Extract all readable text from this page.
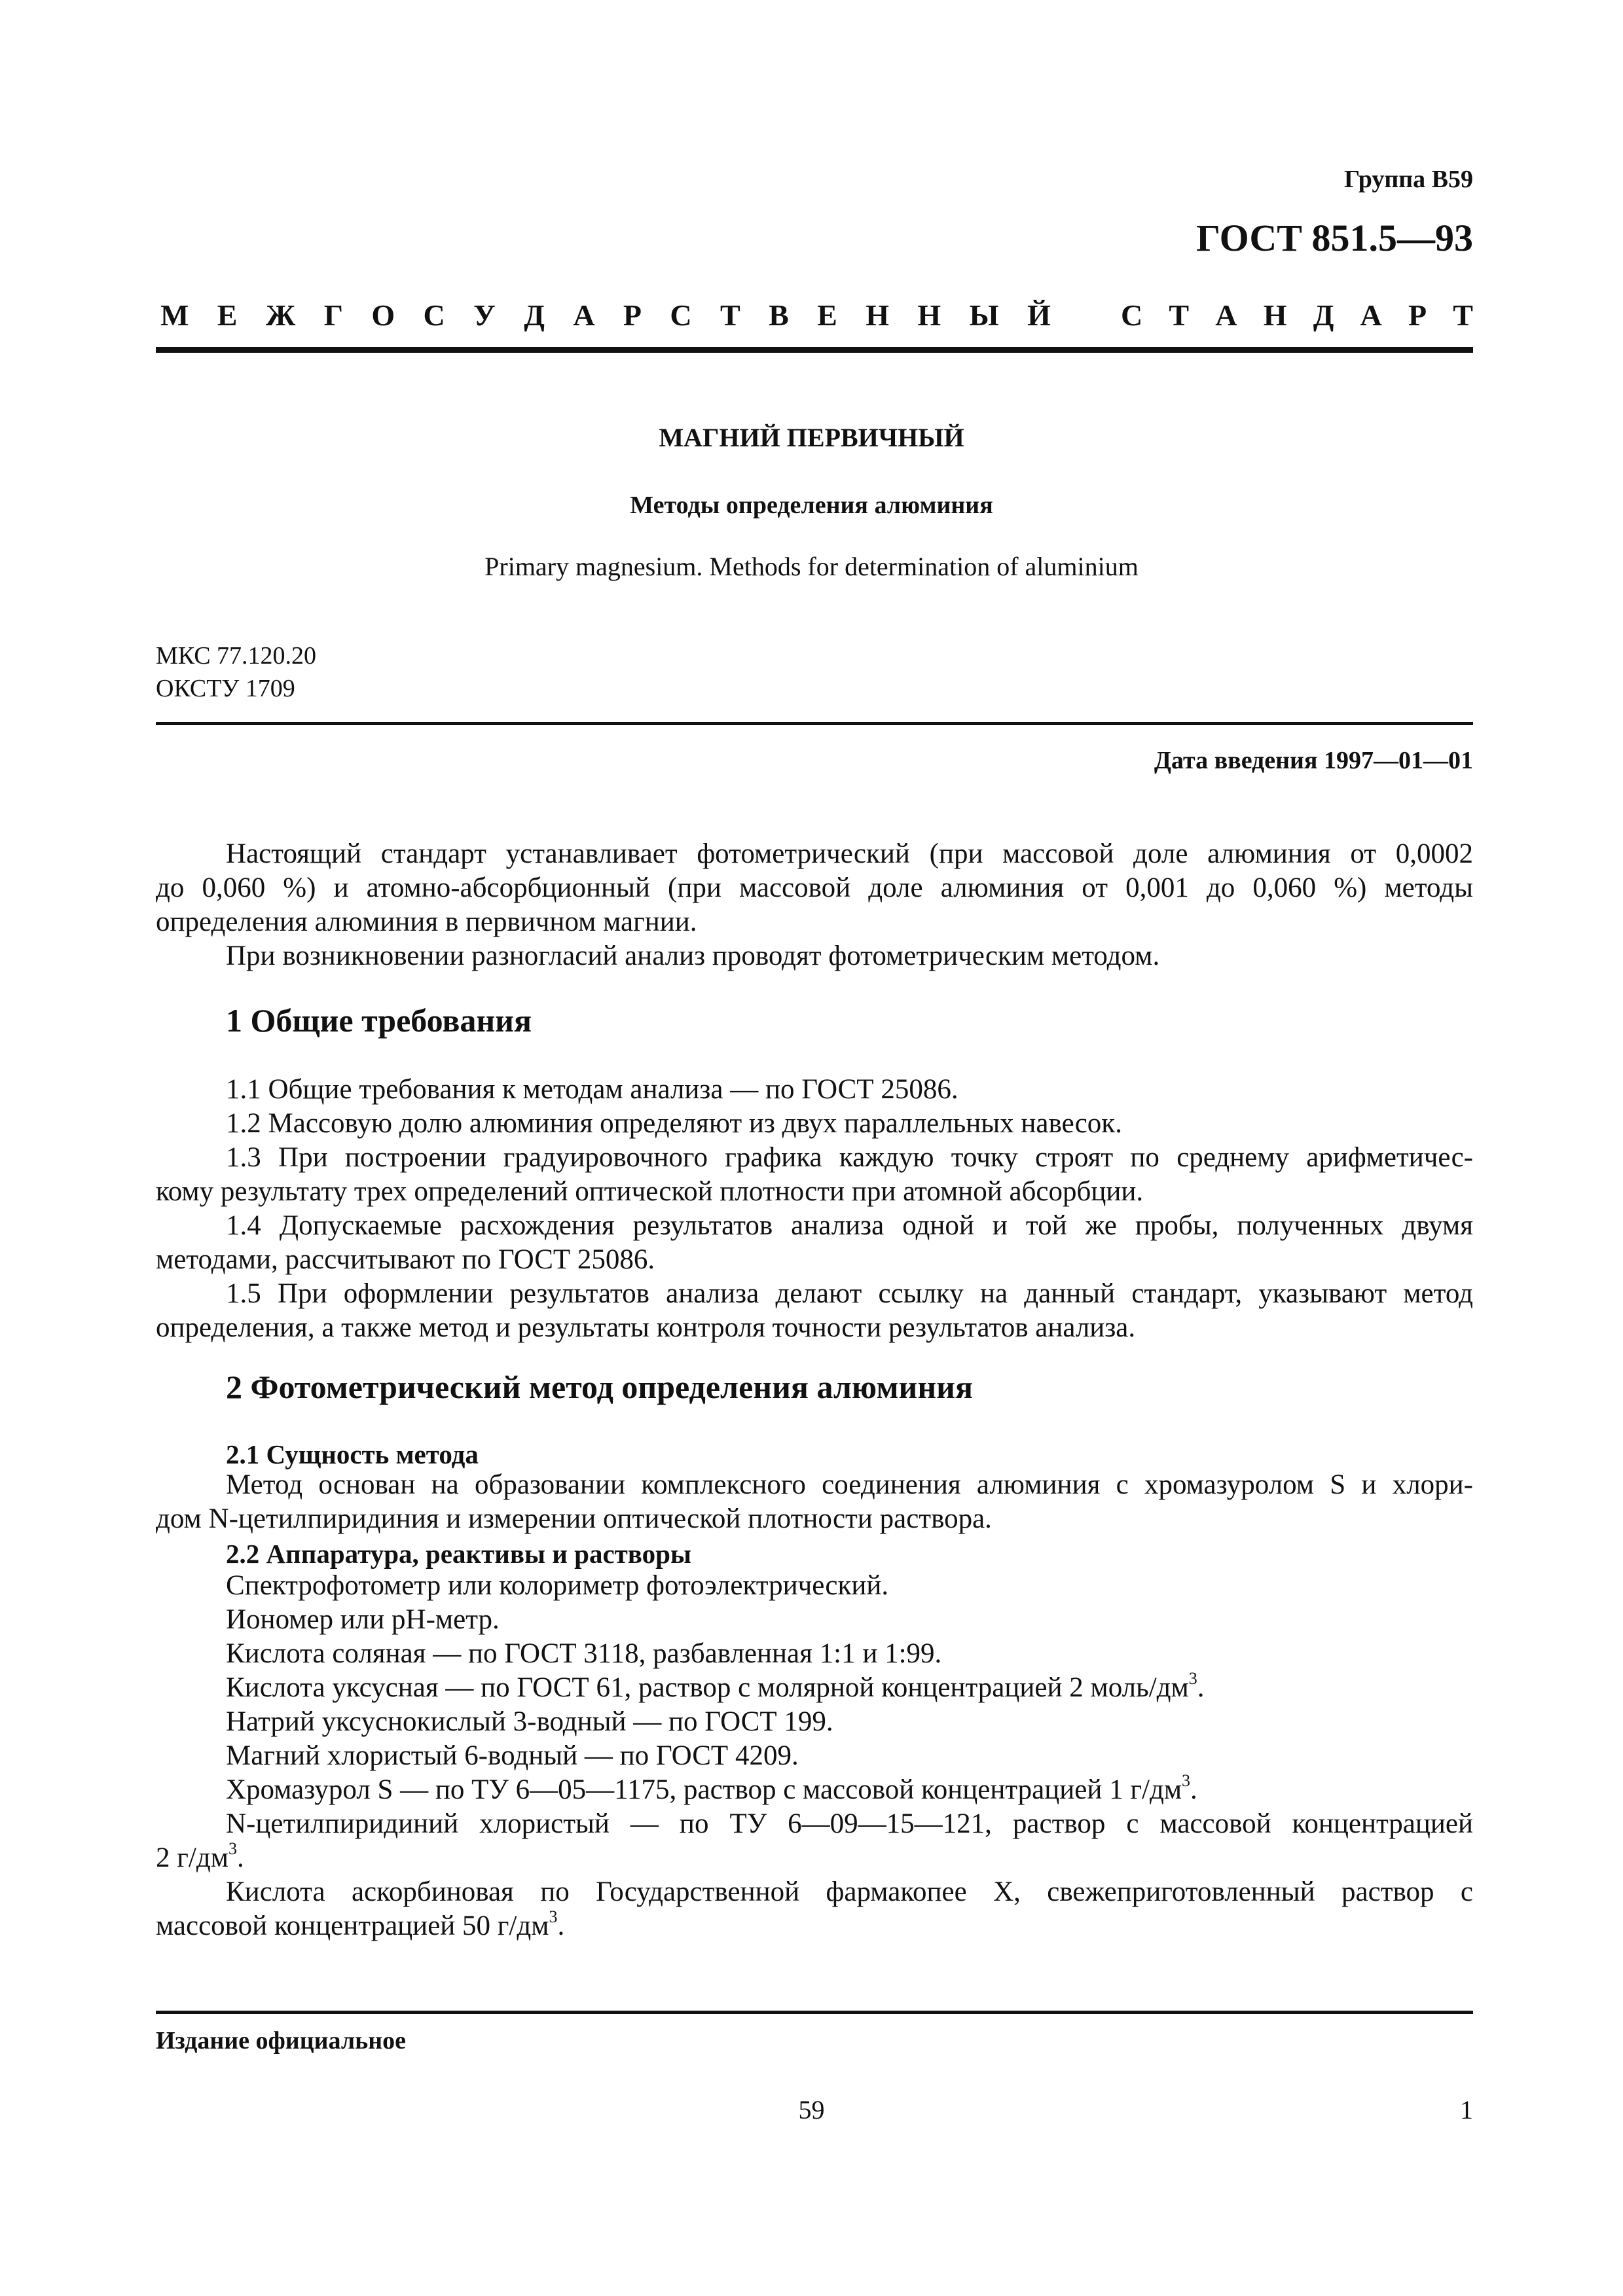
Группа В59
ГОСТ 851.5—93
М Е Ж Г О С У Д А Р С Т В Е Н Н Ы Й С Т А Н Д А Р Т
МАГНИЙ ПЕРВИЧНЫЙ
Методы определения алюминия
Primary magnesium. Methods for determination of aluminium
МКС 77.120.20
ОКСТУ 1709
Дата введения 1997—01—01
Настоящий стандарт устанавливает фотометрический (при массовой доле алюминия от 0,0002
до 0,060 %) и атомно-абсорбционный (при массовой доле алюминия от 0,001 до 0,060 %) методы
определения алюминия в первичном магнии.
При возникновении разногласий анализ проводят фотометрическим методом.
1 Общие требования
1.1 Общие требования к методам анализа — по ГОСТ 25086.
1.2 Массовую долю алюминия определяют из двух параллельных навесок.
1.3 При построении градуировочного графика каждую точку строят по среднему арифметичес-
кому результату трех определений оптической плотности при атомной абсорбции.
1.4 Допускаемые расхождения результатов анализа одной и той же пробы, полученных двумя
методами, рассчитывают по ГОСТ 25086.
1.5 При оформлении результатов анализа делают ссылку на данный стандарт, указывают метод
определения, а также метод и результаты контроля точности результатов анализа.
2 Фотометрический метод определения алюминия
2.1 Сущность метода
Метод основан на образовании комплексного соединения алюминия с хромазуролом S и хлори-
дом N-цетилпиридиния и измерении оптической плотности раствора.
2.2 Аппаратура, реактивы и растворы
Спектрофотометр или колориметр фотоэлектрический.
Иономер или pH-метр.
Кислота соляная — по ГОСТ 3118, разбавленная 1:1 и 1:99.
Кислота уксусная — по ГОСТ 61, раствор с молярной концентрацией 2 моль/$дм^3$.
Натрий уксуснокислый 3-водный — по ГОСТ 199.
Магний хлористый 6-водный — по ГОСТ 4209.
Хромазурол S — по ТУ 6—05—1175, раствор с массовой концентрацией 1 $г/дм^3$.
N-цетилпиридиний хлористый — по ТУ 6—09—15—121, раствор с массовой концентрацией
2 $г/дм^3$.
Кислота аскорбиновая по Государственной фармакопее X, свежеприготовленный раствор с
массовой концентрацией 50 $г/дм^3$.
Издание официальное
59	1
